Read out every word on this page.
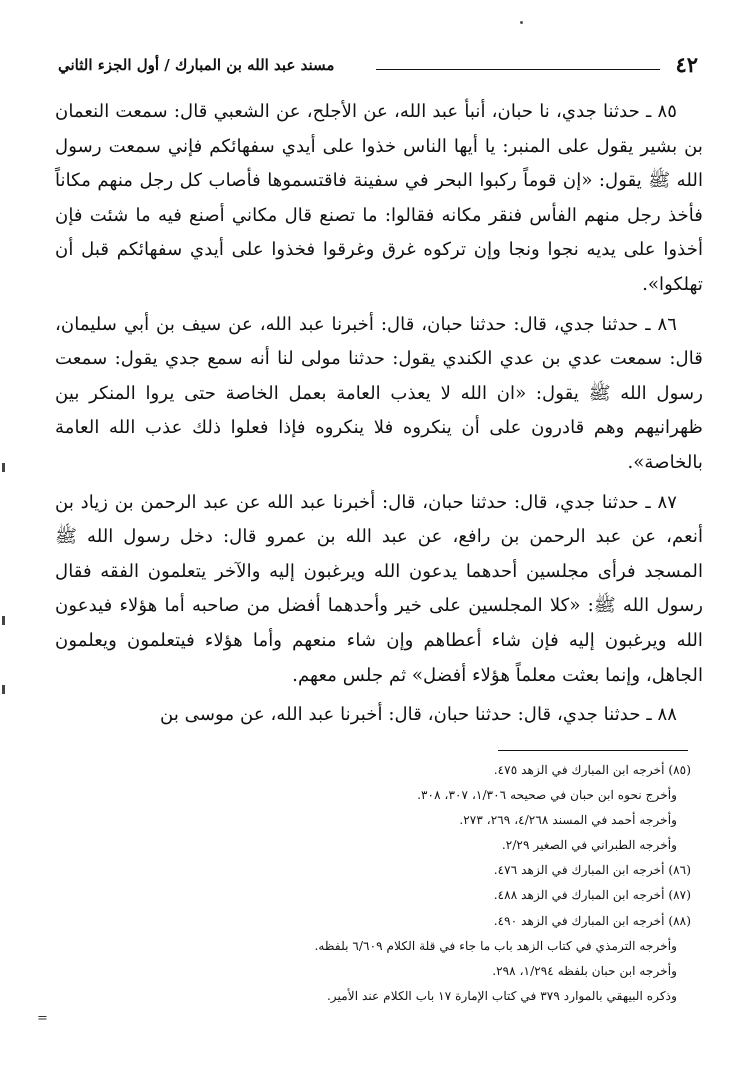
٤٢
مسند عبد الله بن المبارك / أول الجزء الثاني

٨٥ ـ حدثنا جدي، نا حبان، أنبأ عبد الله، عن الأجلح، عن الشعبي قال: سمعت النعمان بن بشير يقول على المنبر: يا أيها الناس خذوا على أيدي سفهائكم فإني سمعت رسول الله ﷺ يقول: «إن قوماً ركبوا البحر في سفينة فاقتسموها فأصاب كل رجل منهم مكاناً فأخذ رجل منهم الفأس فنقر مكانه فقالوا: ما تصنع قال مكاني أصنع فيه ما شئت فإن أخذوا على يديه نجوا ونجا وإن تركوه غرق وغرقوا فخذوا على أيدي سفهائكم قبل أن تهلكوا».

٨٦ ـ حدثنا جدي، قال: حدثنا حبان، قال: أخبرنا عبد الله، عن سيف بن أبي سليمان، قال: سمعت عدي بن عدي الكندي يقول: حدثنا مولى لنا أنه سمع جدي يقول: سمعت رسول الله ﷺ يقول: «ان الله لا يعذب العامة بعمل الخاصة حتى يروا المنكر بين ظهرانيهم وهم قادرون على أن ينكروه فلا ينكروه فإذا فعلوا ذلك عذب الله العامة بالخاصة».

٨٧ ـ حدثنا جدي، قال: حدثنا حبان، قال: أخبرنا عبد الله عن عبد الرحمن بن زياد بن أنعم، عن عبد الرحمن بن رافع، عن عبد الله بن عمرو قال: دخل رسول الله ﷺ المسجد فرأى مجلسين أحدهما يدعون الله ويرغبون إليه والآخر يتعلمون الفقه فقال رسول الله ﷺ: «كلا المجلسين على خير وأحدهما أفضل من صاحبه أما هؤلاء فيدعون الله ويرغبون إليه فإن شاء أعطاهم وإن شاء منعهم وأما هؤلاء فيتعلمون ويعلمون الجاهل، وإنما بعثت معلماً هؤلاء أفضل» ثم جلس معهم.

٨٨ ـ حدثنا جدي، قال: حدثنا حبان، قال: أخبرنا عبد الله، عن موسى بن

(٨٥) أخرجه ابن المبارك في الزهد ٤٧٥.
وأخرج نحوه ابن حبان في صحيحه ١/٣٠٦، ٣٠٧، ٣٠٨.
وأخرجه أحمد في المسند ٤/٢٦٨، ٢٦٩، ٢٧٣.
وأخرجه الطبراني في الصغير ٢/٢٩.
(٨٦) أخرجه ابن المبارك في الزهد ٤٧٦.
(٨٧) أخرجه ابن المبارك في الزهد ٤٨٨.
(٨٨) أخرجه ابن المبارك في الزهد ٤٩٠.
وأخرجه الترمذي في كتاب الزهد باب ما جاء في قلة الكلام ٦/٦٠٩ بلفظه.
وأخرجه ابن حبان بلفظه ١/٢٩٤، ٢٩٨.
وذكره البيهقي بالموارد ٣٧٩ في كتاب الإمارة ١٧ باب الكلام عند الأمير.
=
